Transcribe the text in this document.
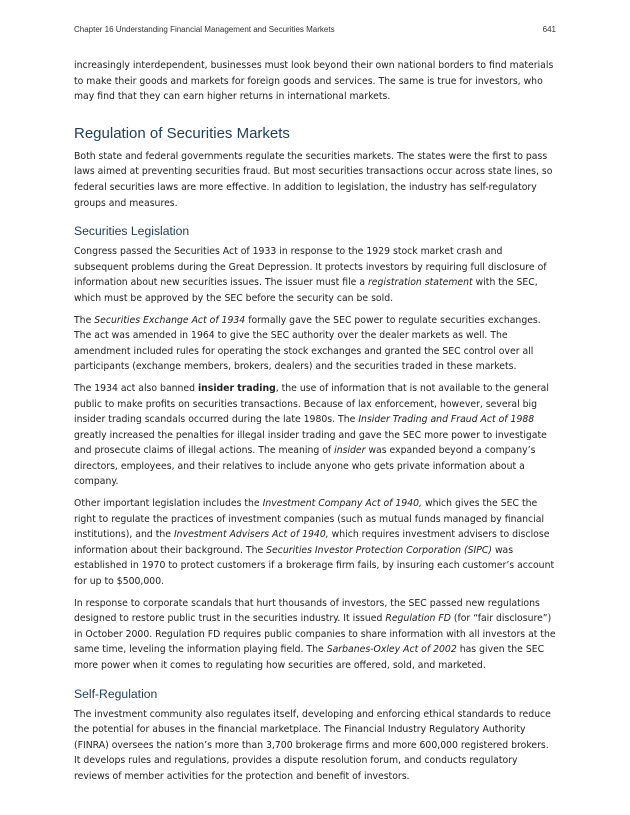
Chapter 16 Understanding Financial Management and Securities Markets	641

increasingly interdependent, businesses must look beyond their own national borders to find materials to make their goods and markets for foreign goods and services. The same is true for investors, who may find that they can earn higher returns in international markets.

Regulation of Securities Markets

Both state and federal governments regulate the securities markets. The states were the first to pass laws aimed at preventing securities fraud. But most securities transactions occur across state lines, so federal securities laws are more effective. In addition to legislation, the industry has self-regulatory groups and measures.

Securities Legislation

Congress passed the Securities Act of 1933 in response to the 1929 stock market crash and subsequent problems during the Great Depression. It protects investors by requiring full disclosure of information about new securities issues. The issuer must file a registration statement with the SEC, which must be approved by the SEC before the security can be sold.

The Securities Exchange Act of 1934 formally gave the SEC power to regulate securities exchanges. The act was amended in 1964 to give the SEC authority over the dealer markets as well. The amendment included rules for operating the stock exchanges and granted the SEC control over all participants (exchange members, brokers, dealers) and the securities traded in these markets.

The 1934 act also banned insider trading, the use of information that is not available to the general public to make profits on securities transactions. Because of lax enforcement, however, several big insider trading scandals occurred during the late 1980s. The Insider Trading and Fraud Act of 1988 greatly increased the penalties for illegal insider trading and gave the SEC more power to investigate and prosecute claims of illegal actions. The meaning of insider was expanded beyond a company’s directors, employees, and their relatives to include anyone who gets private information about a company.

Other important legislation includes the Investment Company Act of 1940, which gives the SEC the right to regulate the practices of investment companies (such as mutual funds managed by financial institutions), and the Investment Advisers Act of 1940, which requires investment advisers to disclose information about their background. The Securities Investor Protection Corporation (SIPC) was established in 1970 to protect customers if a brokerage firm fails, by insuring each customer’s account for up to $500,000.

In response to corporate scandals that hurt thousands of investors, the SEC passed new regulations designed to restore public trust in the securities industry. It issued Regulation FD (for “fair disclosure”) in October 2000. Regulation FD requires public companies to share information with all investors at the same time, leveling the information playing field. The Sarbanes-Oxley Act of 2002 has given the SEC more power when it comes to regulating how securities are offered, sold, and marketed.

Self-Regulation

The investment community also regulates itself, developing and enforcing ethical standards to reduce the potential for abuses in the financial marketplace. The Financial Industry Regulatory Authority (FINRA) oversees the nation’s more than 3,700 brokerage firms and more 600,000 registered brokers. It develops rules and regulations, provides a dispute resolution forum, and conducts regulatory reviews of member activities for the protection and benefit of investors.
